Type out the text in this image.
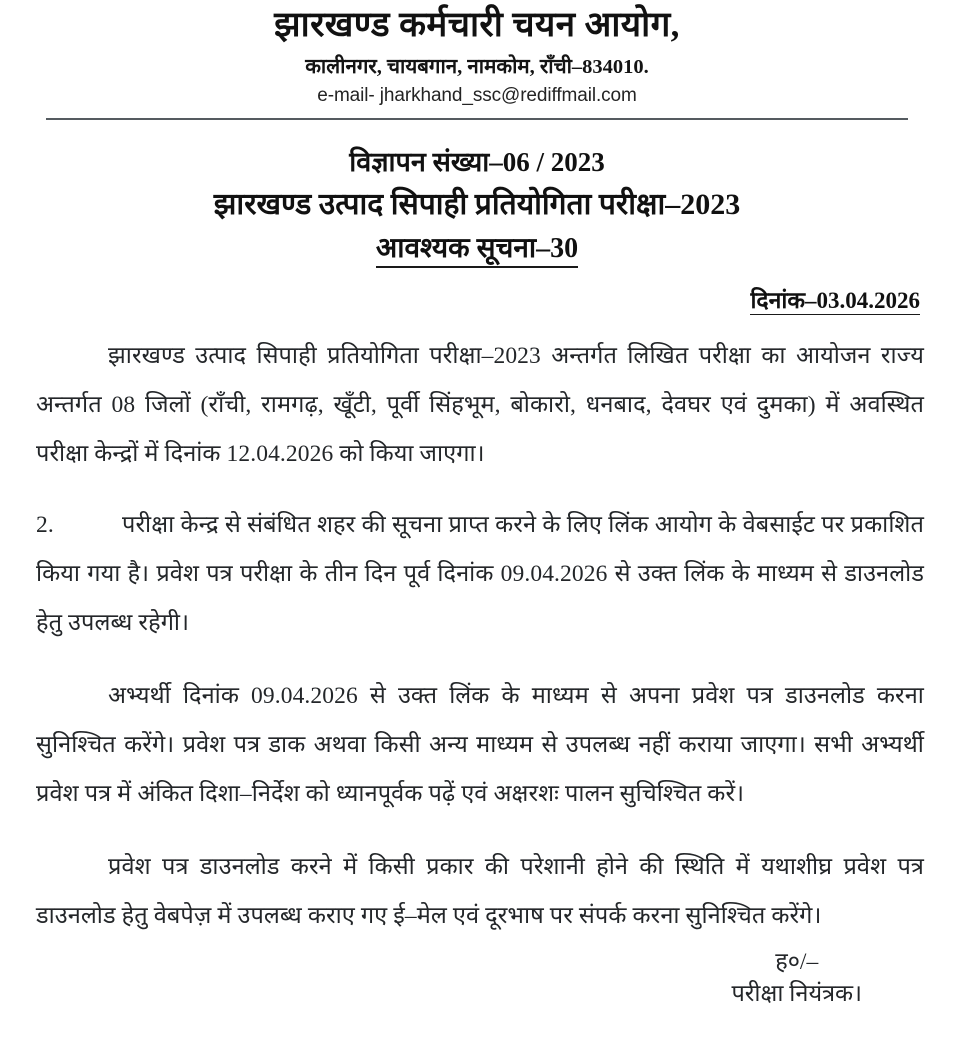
झारखण्ड कर्मचारी चयन आयोग,
कालीनगर, चायबगान, नामकोम, राँची–834010.
e-mail- jharkhand_ssc@rediffmail.com
विज्ञापन संख्या–06 / 2023
झारखण्ड उत्पाद सिपाही प्रतियोगिता परीक्षा–2023
आवश्यक सूचना–30
दिनांक–03.04.2026

झारखण्ड उत्पाद सिपाही प्रतियोगिता परीक्षा–2023 अन्तर्गत लिखित परीक्षा का आयोजन राज्य अन्तर्गत 08 जिलों (राँची, रामगढ़, खूँटी, पूर्वी सिंहभूम, बोकारो, धनबाद, देवघर एवं दुमका) में अवस्थित परीक्षा केन्द्रों में दिनांक 12.04.2026 को किया जाएगा।

2.	परीक्षा केन्द्र से संबंधित शहर की सूचना प्राप्त करने के लिए लिंक आयोग के वेबसाईट पर प्रकाशित किया गया है। प्रवेश पत्र परीक्षा के तीन दिन पूर्व दिनांक 09.04.2026 से उक्त लिंक के माध्यम से डाउनलोड हेतु उपलब्ध रहेगी।

अभ्यर्थी दिनांक 09.04.2026 से उक्त लिंक के माध्यम से अपना प्रवेश पत्र डाउनलोड करना सुनिश्चित करेंगे। प्रवेश पत्र डाक अथवा किसी अन्य माध्यम से उपलब्ध नहीं कराया जाएगा। सभी अभ्यर्थी प्रवेश पत्र में अंकित दिशा–निर्देश को ध्यानपूर्वक पढ़ें एवं अक्षरशः पालन सुचिश्चित करें।

प्रवेश पत्र डाउनलोड करने में किसी प्रकार की परेशानी होने की स्थिति में यथाशीघ्र प्रवेश पत्र डाउनलोड हेतु वेबपेज़ में उपलब्ध कराए गए ई–मेल एवं दूरभाष पर संपर्क करना सुनिश्चित करेंगे।

ह०/–
परीक्षा नियंत्रक।
